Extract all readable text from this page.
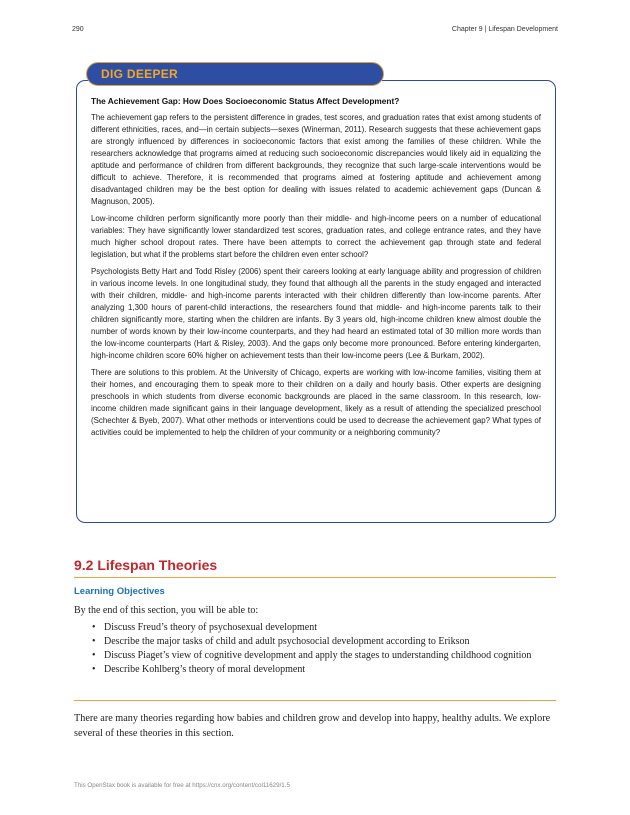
290	Chapter 9 | Lifespan Development
DIG DEEPER

The Achievement Gap: How Does Socioeconomic Status Affect Development?

The achievement gap refers to the persistent difference in grades, test scores, and graduation rates that exist among students of different ethnicities, races, and—in certain subjects—sexes (Winerman, 2011). Research suggests that these achievement gaps are strongly influenced by differences in socioeconomic factors that exist among the families of these children. While the researchers acknowledge that programs aimed at reducing such socioeconomic discrepancies would likely aid in equalizing the aptitude and performance of children from different backgrounds, they recognize that such large-scale interventions would be difficult to achieve. Therefore, it is recommended that programs aimed at fostering aptitude and achievement among disadvantaged children may be the best option for dealing with issues related to academic achievement gaps (Duncan & Magnuson, 2005).

Low-income children perform significantly more poorly than their middle- and high-income peers on a number of educational variables: They have significantly lower standardized test scores, graduation rates, and college entrance rates, and they have much higher school dropout rates. There have been attempts to correct the achievement gap through state and federal legislation, but what if the problems start before the children even enter school?

Psychologists Betty Hart and Todd Risley (2006) spent their careers looking at early language ability and progression of children in various income levels. In one longitudinal study, they found that although all the parents in the study engaged and interacted with their children, middle- and high-income parents interacted with their children differently than low-income parents. After analyzing 1,300 hours of parent-child interactions, the researchers found that middle- and high-income parents talk to their children significantly more, starting when the children are infants. By 3 years old, high-income children knew almost double the number of words known by their low-income counterparts, and they had heard an estimated total of 30 million more words than the low-income counterparts (Hart & Risley, 2003). And the gaps only become more pronounced. Before entering kindergarten, high-income children score 60% higher on achievement tests than their low-income peers (Lee & Burkam, 2002).

There are solutions to this problem. At the University of Chicago, experts are working with low-income families, visiting them at their homes, and encouraging them to speak more to their children on a daily and hourly basis. Other experts are designing preschools in which students from diverse economic backgrounds are placed in the same classroom. In this research, low-income children made significant gains in their language development, likely as a result of attending the specialized preschool (Schechter & Byeb, 2007). What other methods or interventions could be used to decrease the achievement gap? What types of activities could be implemented to help the children of your community or a neighboring community?

9.2 Lifespan Theories
Learning Objectives

By the end of this section, you will be able to:

• Discuss Freud’s theory of psychosexual development
• Describe the major tasks of child and adult psychosocial development according to Erikson
• Discuss Piaget’s view of cognitive development and apply the stages to understanding childhood cognition
• Describe Kohlberg’s theory of moral development

There are many theories regarding how babies and children grow and develop into happy, healthy adults. We explore several of these theories in this section.

This OpenStax book is available for free at https://cnx.org/content/col11629/1.5
